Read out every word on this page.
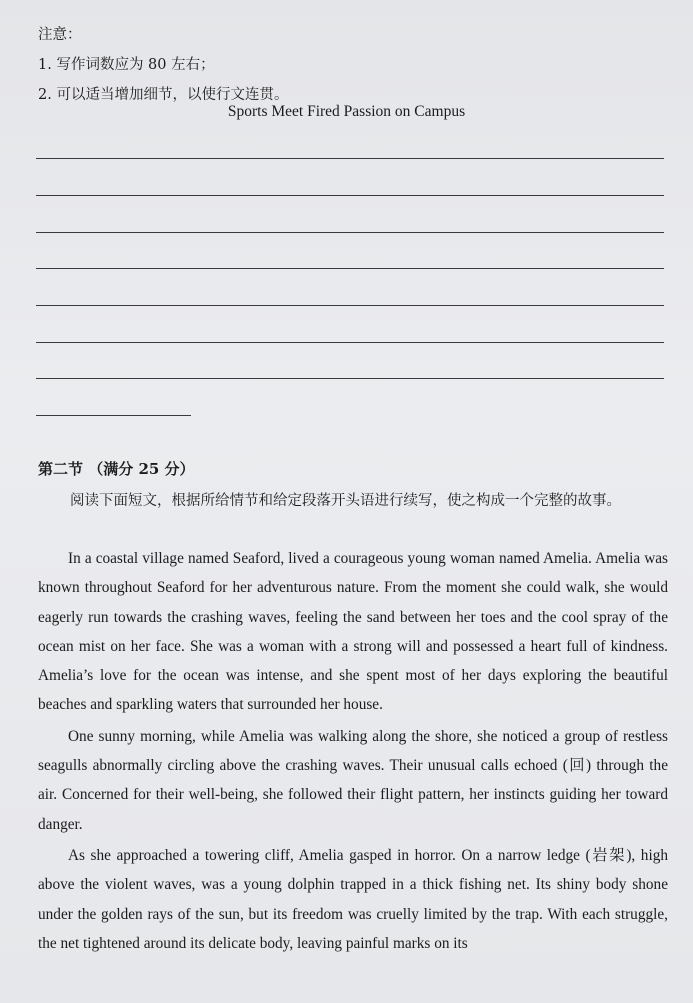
注意：
1. 写作词数应为 80 左右；
2. 可以适当增加细节，以使行文连贯。
Sports Meet Fired Passion on Campus
第二节 （满分 25 分）
阅读下面短文，根据所给情节和给定段落开头语进行续写，使之构成一个完整的故事。

In a coastal village named Seaford, lived a courageous young woman named Amelia. Amelia was known throughout Seaford for her adventurous nature. From the moment she could walk, she would eagerly run towards the crashing waves, feeling the sand between her toes and the cool spray of the ocean mist on her face. She was a woman with a strong will and possessed a heart full of kindness. Amelia’s love for the ocean was intense, and she spent most of her days exploring the beautiful beaches and sparkling waters that surrounded her house.

One sunny morning, while Amelia was walking along the shore, she noticed a group of restless seagulls abnormally circling above the crashing waves. Their unusual calls echoed (回) through the air. Concerned for their well-being, she followed their flight pattern, her instincts guiding her toward danger.

As she approached a towering cliff, Amelia gasped in horror. On a narrow ledge (岩架), high above the violent waves, was a young dolphin trapped in a thick fishing net. Its shiny body shone under the golden rays of the sun, but its freedom was cruelly limited by the trap. With each struggle, the net tightened around its delicate body, leaving painful marks on its
